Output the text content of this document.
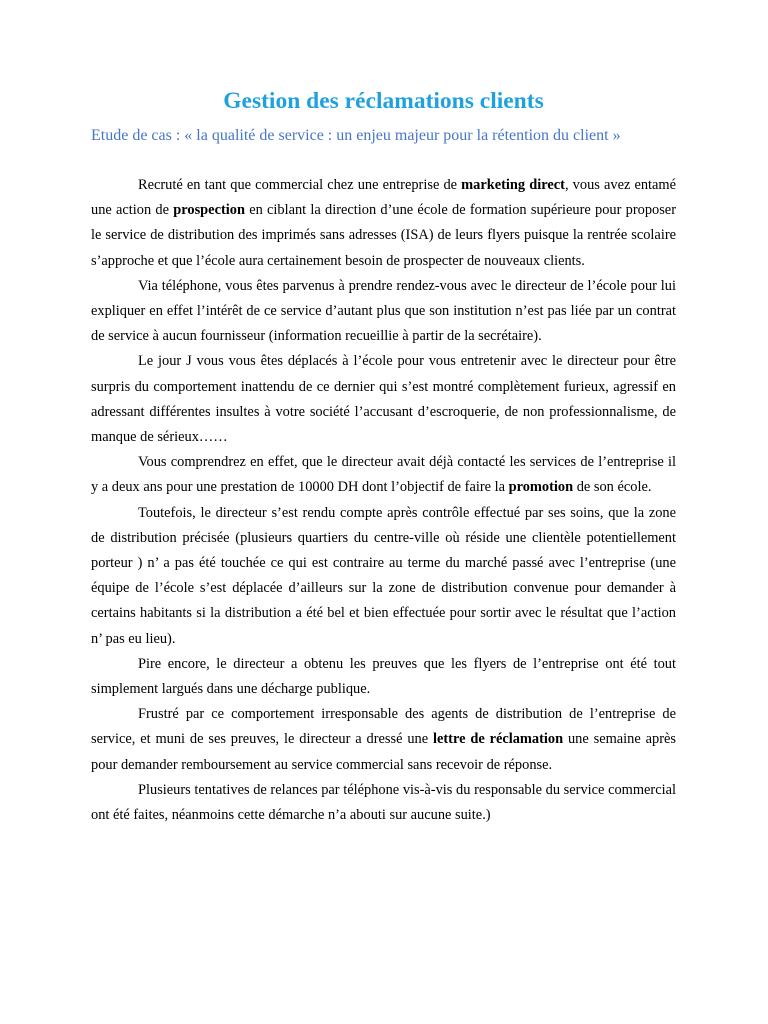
Gestion des réclamations clients

Etude de cas : « la qualité de service : un enjeu majeur pour la rétention du client »

Recruté en tant que commercial chez une entreprise de marketing direct, vous avez entamé une action de prospection en ciblant la direction d’une école de formation supérieure pour proposer le service de distribution des imprimés sans adresses (ISA) de leurs flyers puisque la rentrée scolaire s’approche et que l’école aura certainement besoin de prospecter de nouveaux clients.

Via téléphone, vous êtes parvenus à prendre rendez-vous avec le directeur de l’école pour lui expliquer en effet l’intérêt de ce service d’autant plus que son institution n’est pas liée par un contrat de service à aucun fournisseur (information recueillie à partir de la secrétaire).

Le jour J vous vous êtes déplacés à l’école pour vous entretenir avec le directeur pour être surpris du comportement inattendu de ce dernier qui s’est montré complètement furieux, agressif en adressant différentes insultes à votre société l’accusant d’escroquerie, de non professionnalisme, de manque de sérieux……

Vous comprendrez en effet, que le directeur avait déjà contacté les services de l’entreprise il y a deux ans pour une prestation de 10000 DH dont l’objectif de faire la promotion de son école.

Toutefois, le directeur s’est rendu compte après contrôle effectué par ses soins, que la zone de distribution précisée (plusieurs quartiers du centre-ville où réside une clientèle potentiellement porteur ) n’ a pas été touchée ce qui est contraire au terme du marché passé avec l’entreprise (une équipe de l’école s’est déplacée d’ailleurs sur la zone de distribution convenue pour demander à certains habitants si la distribution a été bel et bien effectuée pour sortir avec le résultat que l’action n’ pas eu lieu).

Pire encore, le directeur a obtenu les preuves que les flyers de l’entreprise ont été tout simplement largués dans une décharge publique.

Frustré par ce comportement irresponsable des agents de distribution de l’entreprise de service, et muni de ses preuves, le directeur a dressé une lettre de réclamation une semaine après pour demander remboursement au service commercial sans recevoir de réponse.

Plusieurs tentatives de relances par téléphone vis-à-vis du responsable du service commercial ont été faites, néanmoins cette démarche n’a abouti sur aucune suite.)
